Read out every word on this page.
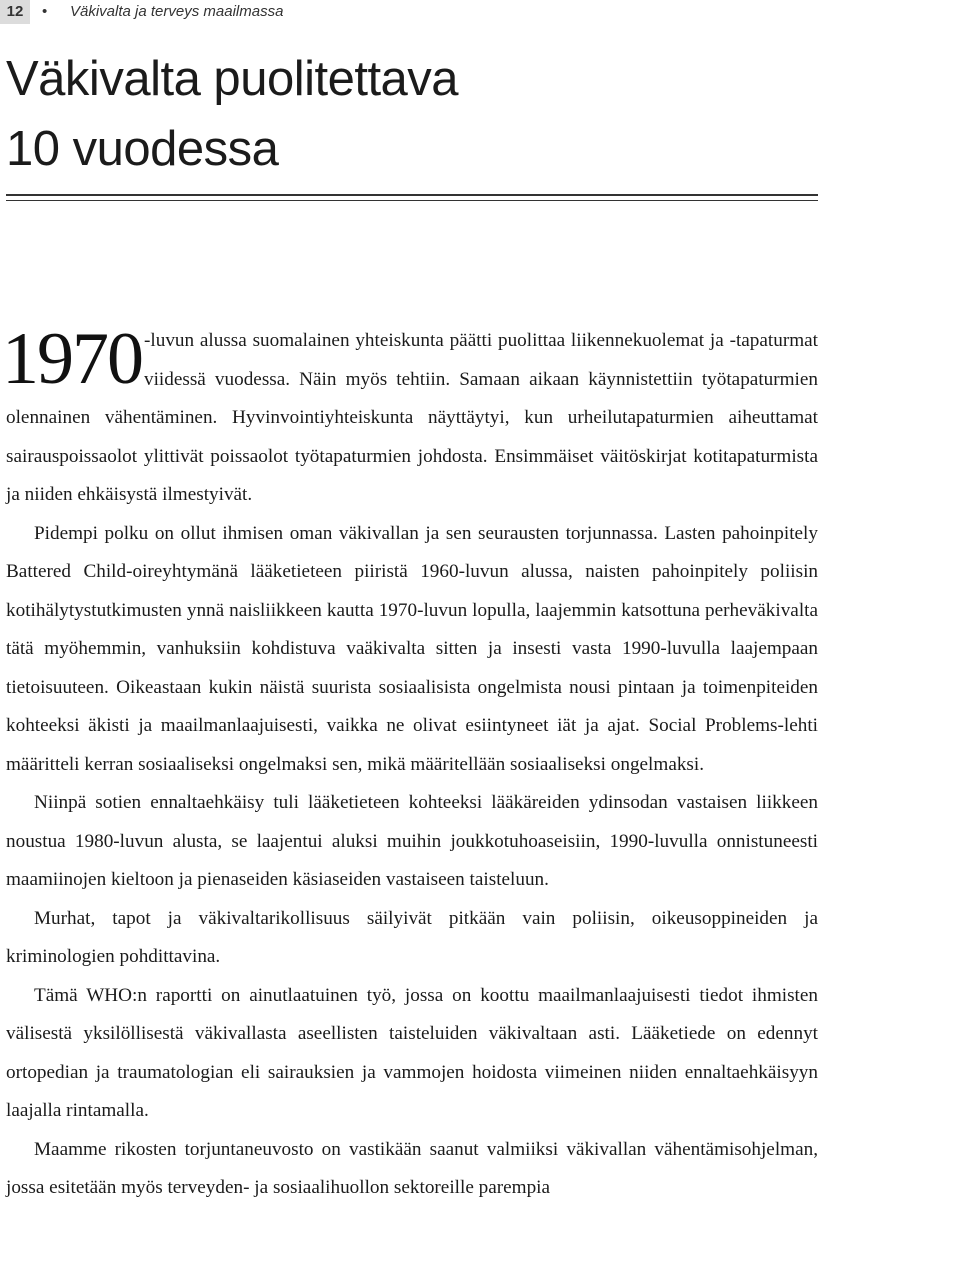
12	• Väkivalta ja terveys maailmassa
Väkivalta puolitettava
10 vuodessa

1970 -luvun alussa suomalainen yhteiskunta päätti puolittaa liikennekuolemat ja -tapaturmat viidessä vuodessa. Näin myös tehtiin. Samaan aikaan käynnistettiin työtapaturmien olennainen vähentäminen. Hyvinvointiyhteiskunta näyttäytyi, kun urheilutapaturmien aiheuttamat sairauspoissaolot ylittivät poissaolot työtapaturmien johdosta. Ensimmäiset väitöskirjat kotitapaturmista ja niiden ehkäisystä ilmestyivät.

Pidempi polku on ollut ihmisen oman väkivallan ja sen seurausten torjunnassa. Lasten pahoinpitely Battered Child-oireyhtymänä lääketieteen piiristä 1960-luvun alussa, naisten pahoinpitely poliisin kotihälytystutkimusten ynnä naisliikkeen kautta 1970-luvun lopulla, laajemmin katsottuna perheväkivalta tätä myöhemmin, vanhuksiin kohdistuva vaäkivalta sitten ja insesti vasta 1990-luvulla laajempaan tietoisuuteen. Oikeastaan kukin näistä suurista sosiaalisista ongelmista nousi pintaan ja toimenpiteiden kohteeksi äkisti ja maailmanlaajuisesti, vaikka ne olivat esiintyneet iät ja ajat. Social Problems-lehti määritteli kerran sosiaaliseksi ongelmaksi sen, mikä määritellään sosiaaliseksi ongelmaksi.

Niinpä sotien ennaltaehkäisy tuli lääketieteen kohteeksi lääkäreiden ydinsodan vastaisen liikkeen noustua 1980-luvun alusta, se laajentui aluksi muihin joukkotuhoaseisiin, 1990-luvulla onnistuneesti maamiinojen kieltoon ja pienaseiden käsiaseiden vastaiseen taisteluun.

Murhat, tapot ja väkivaltarikollisuus säilyivät pitkään vain poliisin, oikeusoppineiden ja kriminologien pohdittavina.

Tämä WHO:n raportti on ainutlaatuinen työ, jossa on koottu maailmanlaajuisesti tiedot ihmisten välisestä yksilöllisestä väkivallasta aseellisten taisteluiden väkivaltaan asti. Lääketiede on edennyt ortopedian ja traumatologian eli sairauksien ja vammojen hoidosta viimeinen niiden ennaltaehkäisyyn laajalla rintamalla.

Maamme rikosten torjuntaneuvosto on vastikään saanut valmiiksi väkivallan vähentämisohjelman, jossa esitetään myös terveyden- ja sosiaalihuollon sektoreille parempia
